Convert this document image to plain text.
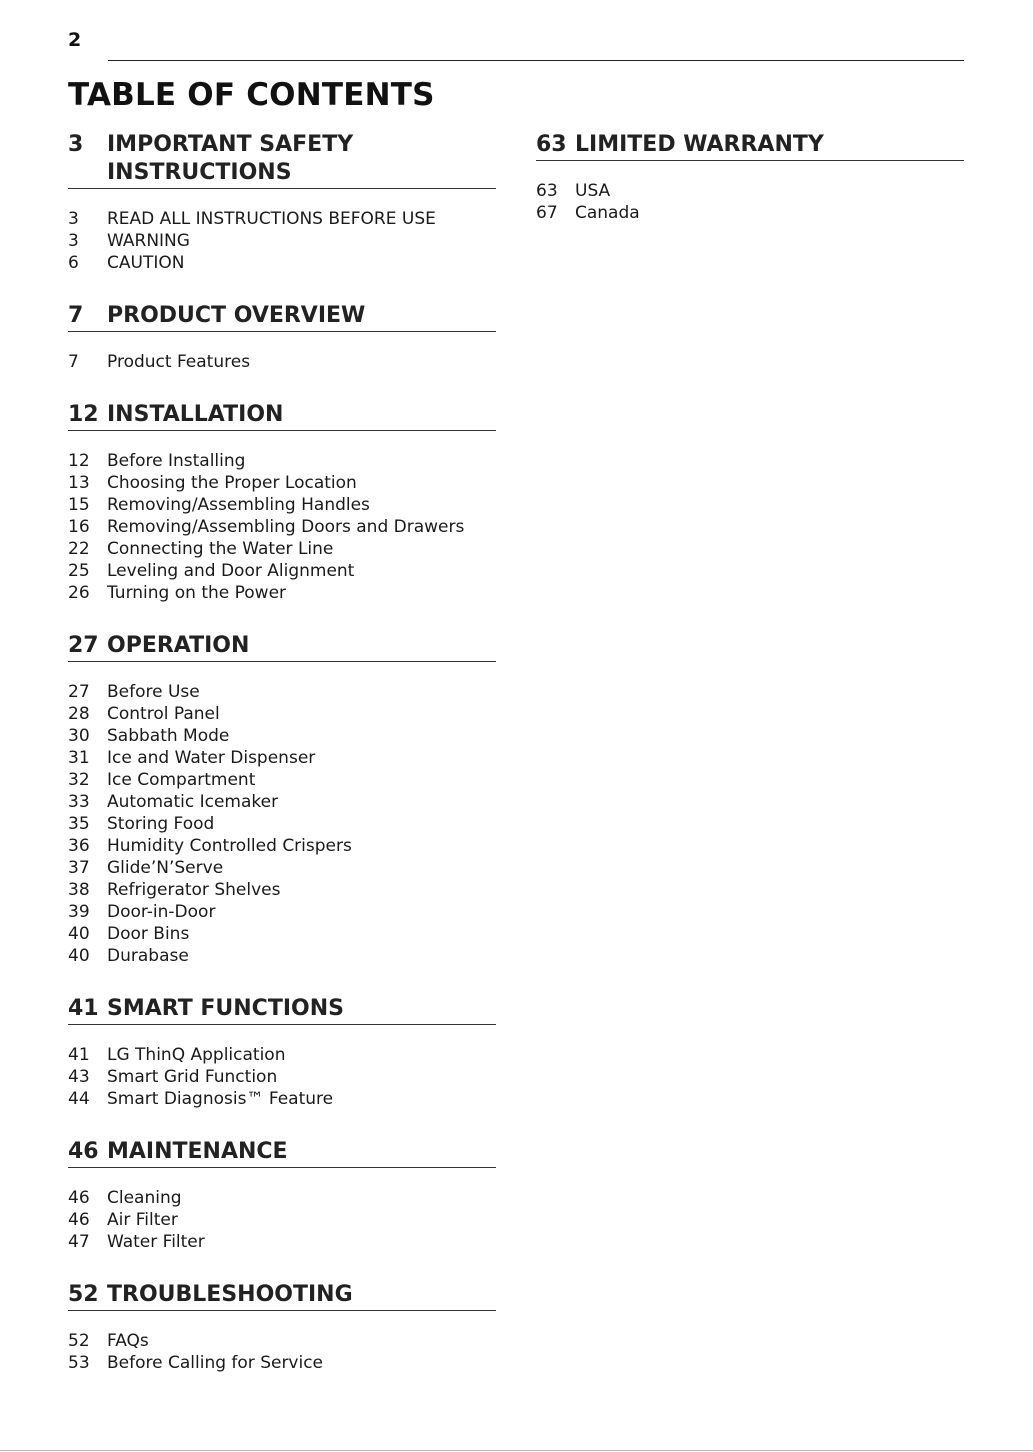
2
TABLE OF CONTENTS
3	IMPORTANT SAFETY INSTRUCTIONS
3	READ ALL INSTRUCTIONS BEFORE USE
3	WARNING
6	CAUTION
7	PRODUCT OVERVIEW
7	Product Features
12 INSTALLATION
12	Before Installing
13	Choosing the Proper Location
15	Removing/Assembling Handles
16	Removing/Assembling Doors and Drawers
22	Connecting the Water Line
25	Leveling and Door Alignment
26	Turning on the Power
27 OPERATION
27	Before Use
28	Control Panel
30	Sabbath Mode
31	Ice and Water Dispenser
32	Ice Compartment
33	Automatic Icemaker
35	Storing Food
36	Humidity Controlled Crispers
37	Glide’N’Serve
38	Refrigerator Shelves
39	Door-in-Door
40	Door Bins
40	Durabase
41 SMART FUNCTIONS
41	LG ThinQ Application
43	Smart Grid Function
44	Smart Diagnosis™ Feature
46 MAINTENANCE
46	Cleaning
46	Air Filter
47	Water Filter
52 TROUBLESHOOTING
52	FAQs
53	Before Calling for Service
63 LIMITED WARRANTY
63	USA
67	Canada
